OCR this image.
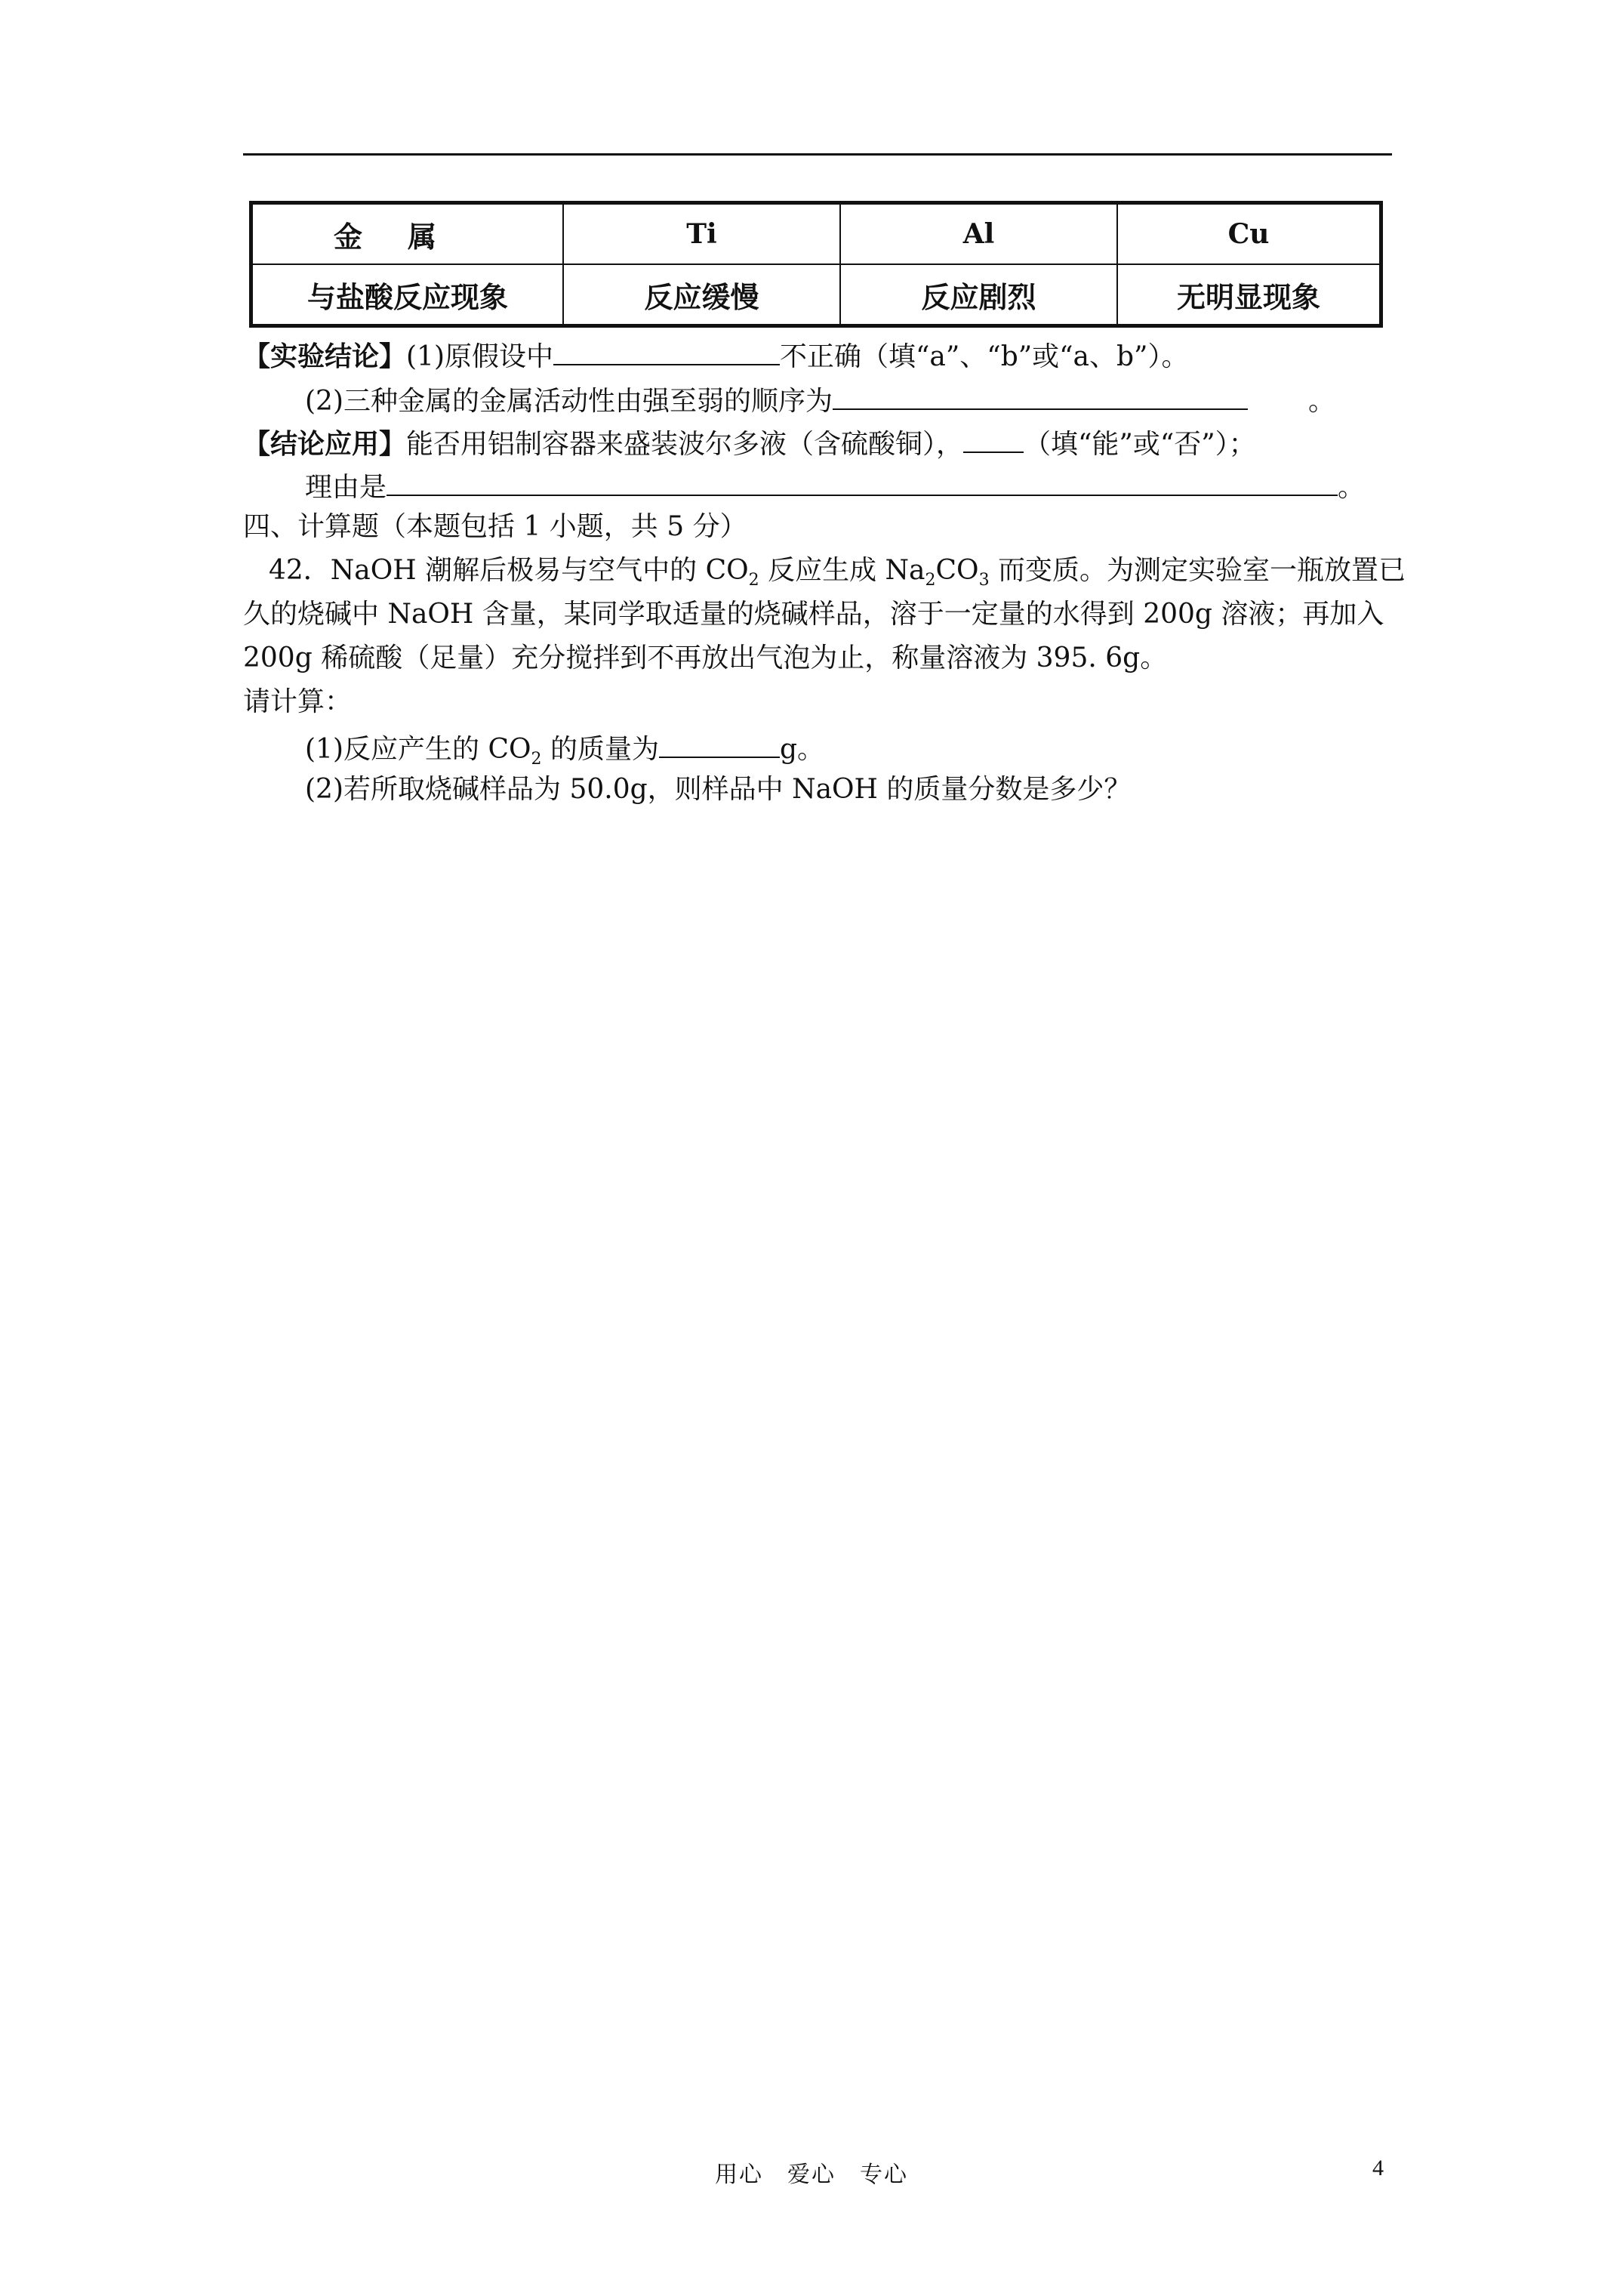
金属	Ti	Al	Cu
与盐酸反应现象	反应缓慢	反应剧烈	无明显现象
【实验结论】(1)原假设中	不正确（填“a”、“b”或“a、b”）。
(2)三种金属的金属活动性由强至弱的顺序为	。
【结论应用】能否用铝制容器来盛装波尔多液（含硫酸铜）， （填“能”或“否”）；
理由是	。
四、计算题（本题包括 1 小题，共 5 分）
42．NaOH 潮解后极易与空气中的 $CO_2$ 反应生成 $Na_2CO_3$ 而变质。为测定实验室一瓶放置已
久的烧碱中 NaOH 含量，某同学取适量的烧碱样品，溶于一定量的水得到 200g 溶液；再加入
200g 稀硫酸（足量）充分搅拌到不再放出气泡为止，称量溶液为 395. 6g。
请计算：
(1)反应产生的 $CO_2$ 的质量为	g。
(2)若所取烧碱样品为 50.0g，则样品中 NaOH 的质量分数是多少？
用心　爱心　专心	4
